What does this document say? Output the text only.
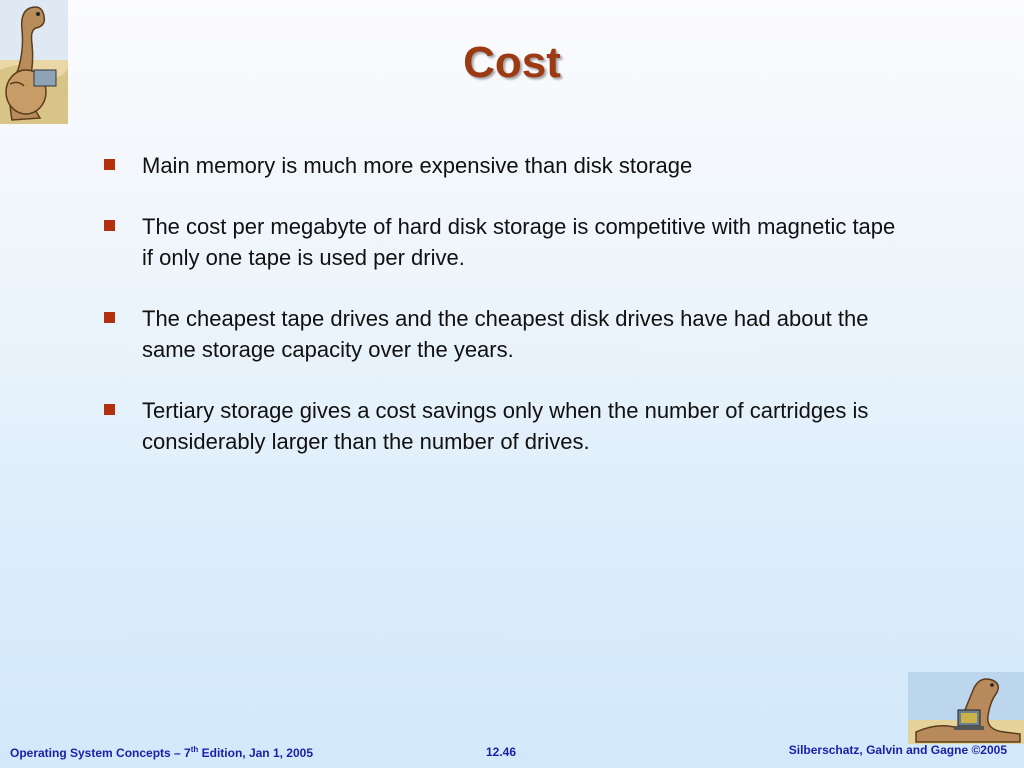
Cost
Main memory is much more expensive than disk storage
The cost per megabyte of hard disk storage is competitive with magnetic tape if only one tape is used per drive.
The cheapest tape drives and the cheapest disk drives have had about the same storage capacity over the years.
Tertiary storage gives a cost savings only when the number of cartridges is considerably larger than the number of drives.
Operating System Concepts – 7th Edition, Jan 1, 2005	12.46	Silberschatz, Galvin and Gagne ©2005
